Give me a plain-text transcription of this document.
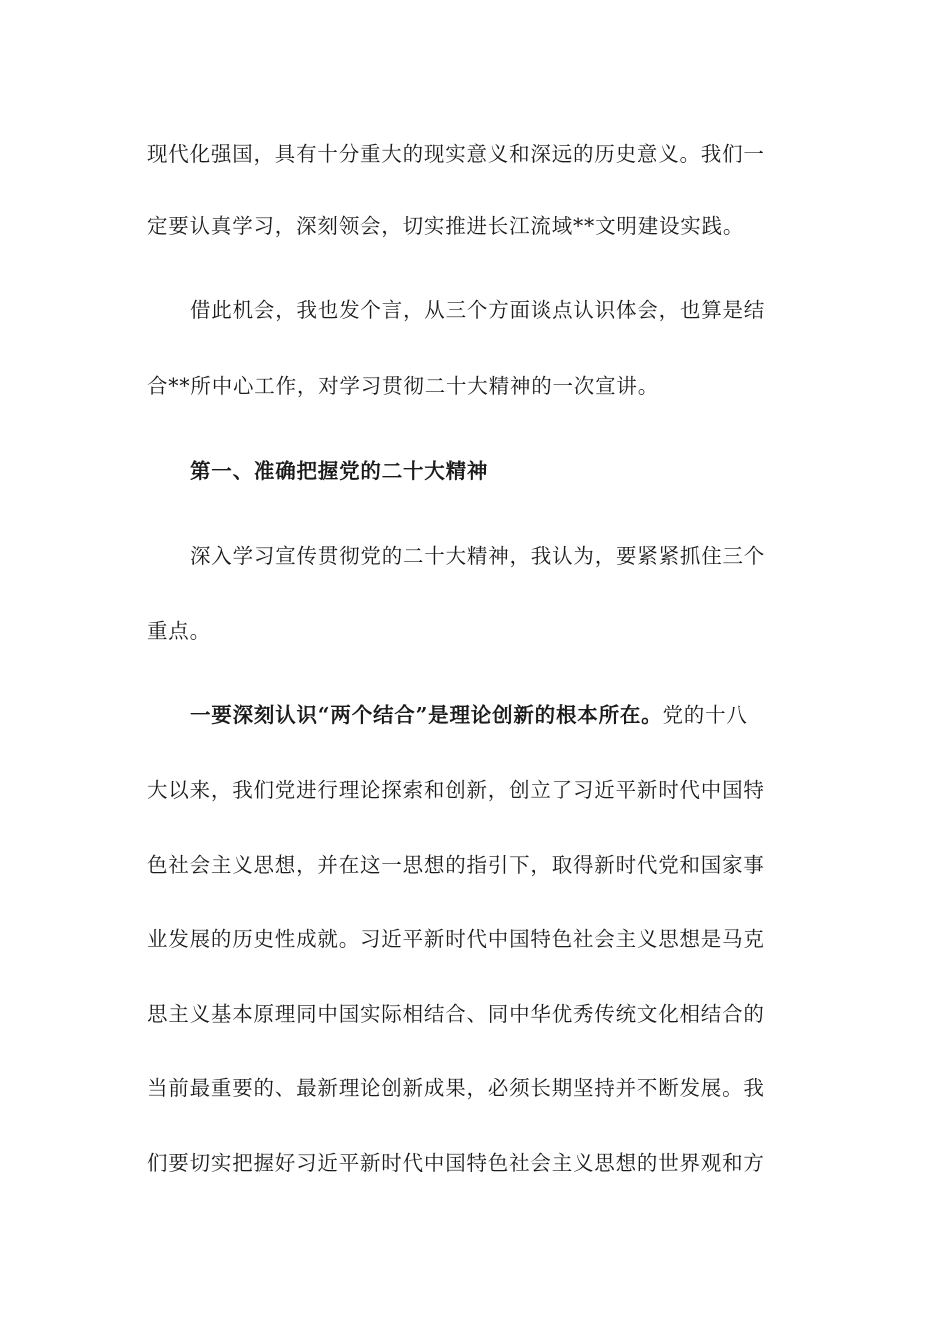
现代化强国，具有十分重大的现实意义和深远的历史意义。我们一
定要认真学习，深刻领会，切实推进长江流域**文明建设实践。
借此机会，我也发个言，从三个方面谈点认识体会，也算是结
合**所中心工作，对学习贯彻二十大精神的一次宣讲。
第一、准确把握党的二十大精神
深入学习宣传贯彻党的二十大精神，我认为，要紧紧抓住三个
重点。
一要深刻认识“两个结合”是理论创新的根本所在。党的十八
大以来，我们党进行理论探索和创新，创立了习近平新时代中国特
色社会主义思想，并在这一思想的指引下，取得新时代党和国家事
业发展的历史性成就。习近平新时代中国特色社会主义思想是马克
思主义基本原理同中国实际相结合、同中华优秀传统文化相结合的
当前最重要的、最新理论创新成果，必须长期坚持并不断发展。我
们要切实把握好习近平新时代中国特色社会主义思想的世界观和方
